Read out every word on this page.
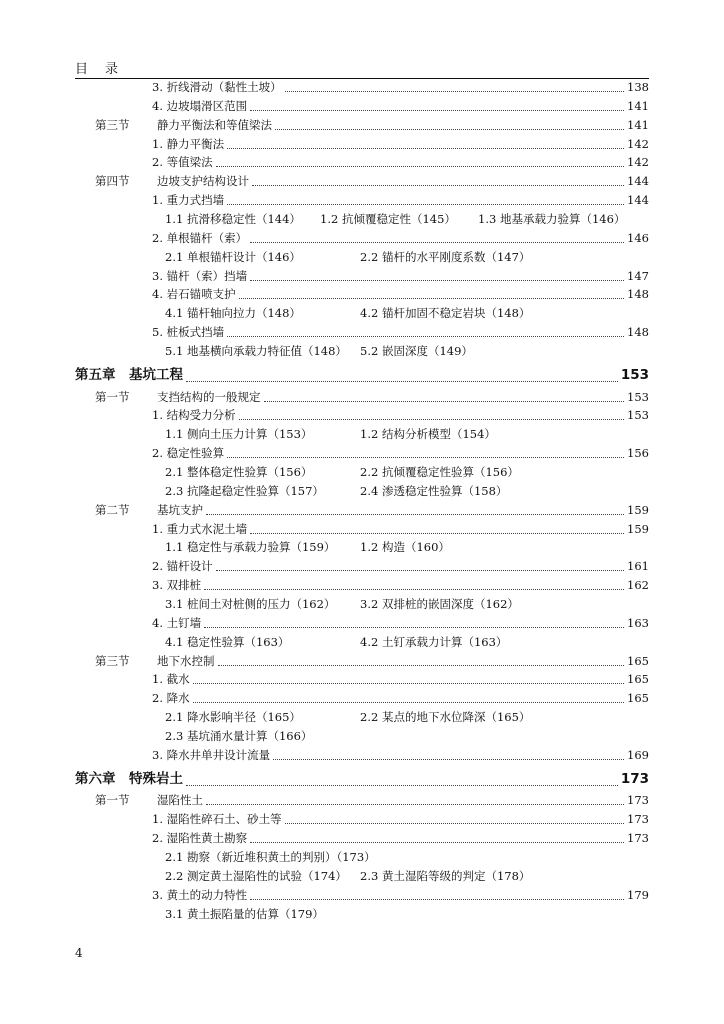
目　录
3. 折线滑动（黏性土坡）	138
4. 边坡塌滑区范围	141
第三节	静力平衡法和等值梁法	141
1. 静力平衡法	142
2. 等值梁法	142
第四节	边坡支护结构设计	144
1. 重力式挡墙	144
1.1 抗滑移稳定性（144） 1.2 抗倾覆稳定性（145） 1.3 地基承载力验算（146）
2. 单根锚杆（索）	146
2.1 单根锚杆设计（146）	2.2 锚杆的水平刚度系数（147）
3. 锚杆（索）挡墙	147
4. 岩石锚喷支护	148
4.1 锚杆轴向拉力（148）	4.2 锚杆加固不稳定岩块（148）
5. 桩板式挡墙	148
5.1 地基横向承载力特征值（148） 5.2 嵌固深度（149）
第五章　基坑工程	153
第一节	支挡结构的一般规定	153
1. 结构受力分析	153
1.1 侧向土压力计算（153）	1.2 结构分析模型（154）
2. 稳定性验算	156
2.1 整体稳定性验算（156）	2.2 抗倾覆稳定性验算（156）
2.3 抗隆起稳定性验算（157）	2.4 渗透稳定性验算（158）
第二节	基坑支护	159
1. 重力式水泥土墙	159
1.1 稳定性与承载力验算（159） 1.2 构造（160）
2. 锚杆设计	161
3. 双排桩	162
3.1 桩间土对桩侧的压力（162） 3.2 双排桩的嵌固深度（162）
4. 土钉墙	163
4.1 稳定性验算（163）	4.2 土钉承载力计算（163）
第三节	地下水控制	165
1. 截水	165
2. 降水	165
2.1 降水影响半径（165）	2.2 某点的地下水位降深（165）
2.3 基坑涌水量计算（166）
3. 降水井单井设计流量	169
第六章　特殊岩土	173
第一节	湿陷性土	173
1. 湿陷性碎石土、砂土等	173
2. 湿陷性黄土勘察	173
2.1 勘察（新近堆积黄土的判别）（173）
2.2 测定黄土湿陷性的试验（174） 2.3 黄土湿陷等级的判定（178）
3. 黄土的动力特性	179
3.1 黄土振陷量的估算（179）
4
